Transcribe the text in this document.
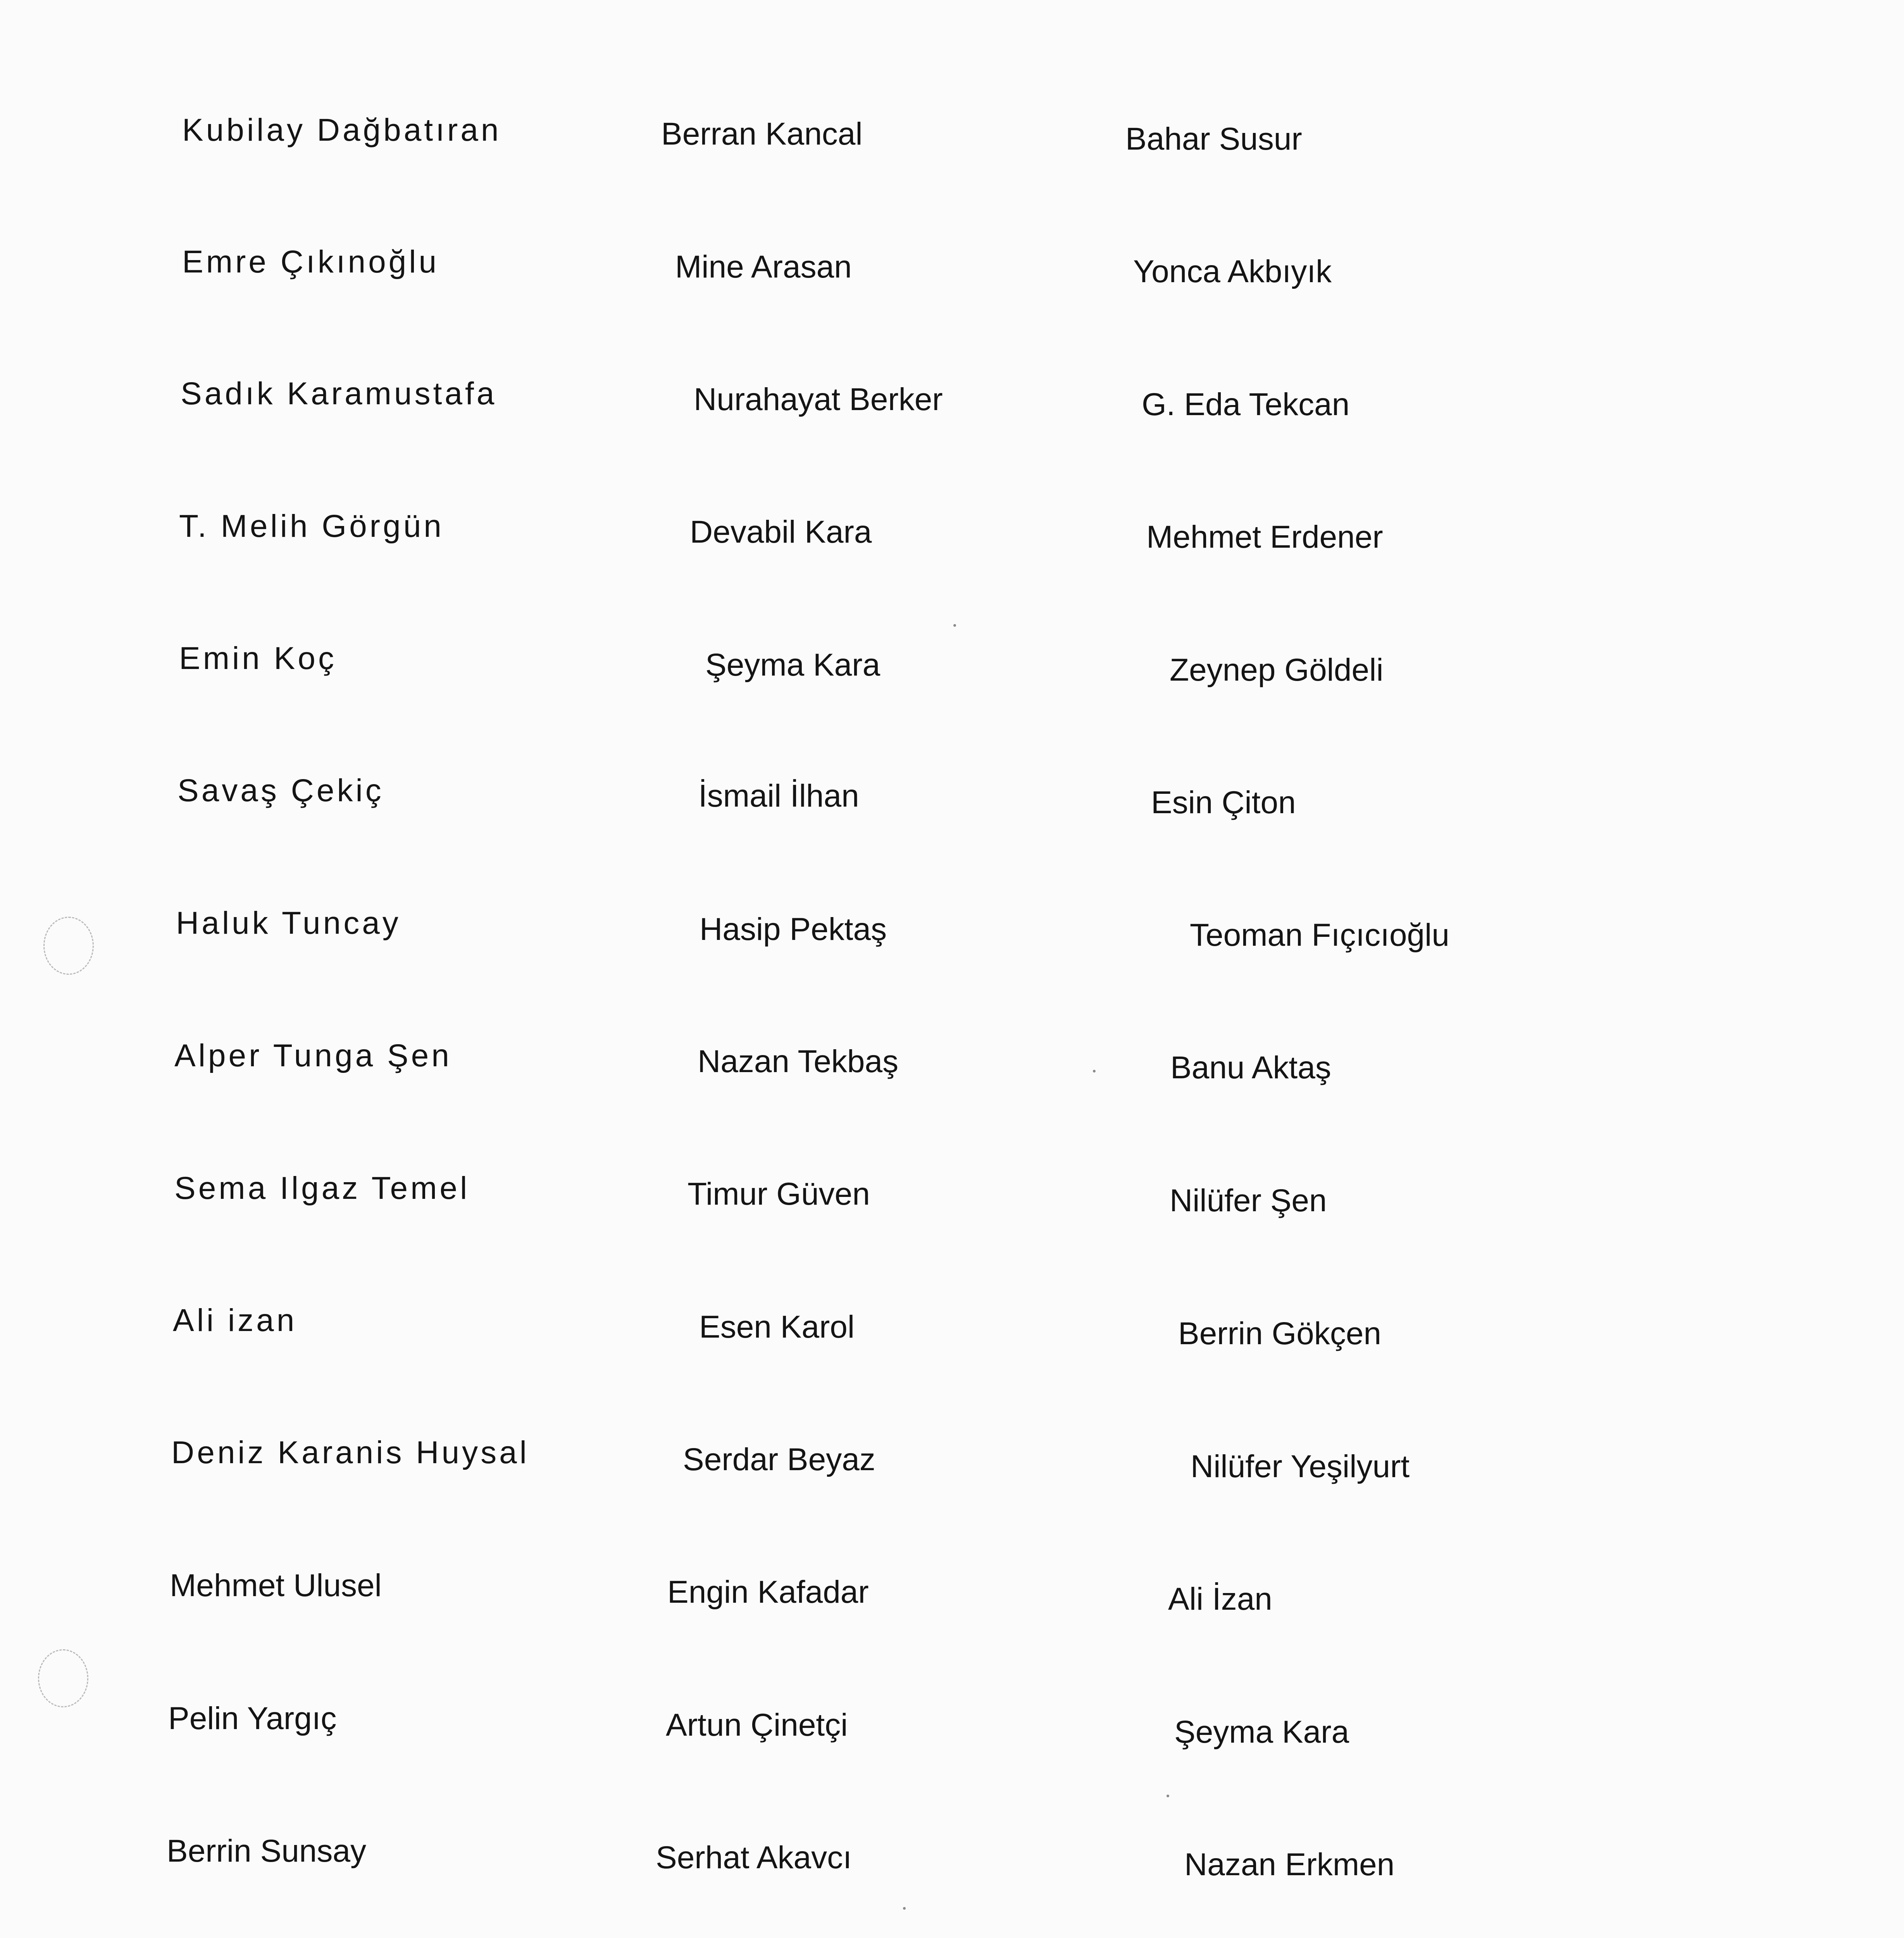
Kubilay Dağbatıran
Emre Çıkınoğlu
Sadık Karamustafa
T. Melih Görgün
Emin Koç
Savaş Çekiç
Haluk Tuncay
Alper Tunga Şen
Sema Ilgaz Temel
Ali izan
Deniz Karanis Huysal
Mehmet Ulusel
Pelin Yargıç
Berrin Sunsay
Berran Kancal
Mine Arasan
Nurahayat Berker
Devabil Kara
Şeyma Kara
İsmail İlhan
Hasip Pektaş
Nazan Tekbaş
Timur Güven
Esen Karol
Serdar Beyaz
Engin Kafadar
Artun Çinetçi
Serhat Akavcı
Bahar Susur
Yonca Akbıyık
G. Eda Tekcan
Mehmet Erdener
Zeynep Göldeli
Esin Çiton
Teoman Fıçıcıoğlu
Banu Aktaş
Nilüfer Şen
Berrin Gökçen
Nilüfer Yeşilyurt
Ali İzan
Şeyma Kara
Nazan Erkmen
